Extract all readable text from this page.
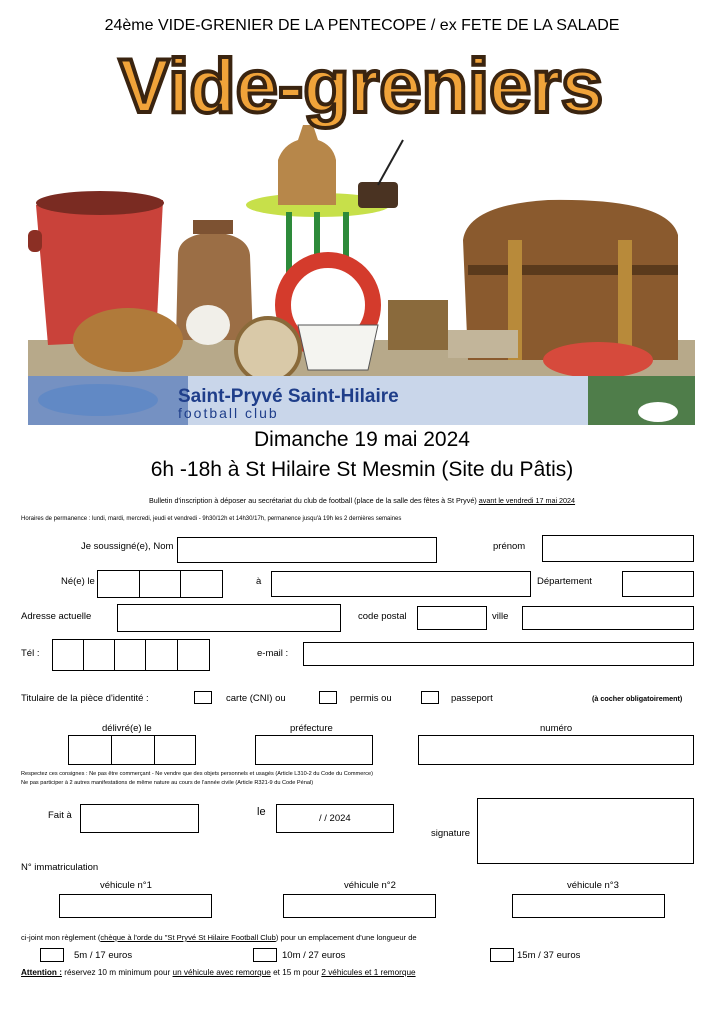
24ème VIDE-GRENIER DE LA PENTECOPE / ex FETE DE LA SALADE
Vide-greniers
Saint-Pryvé Saint-Hilaire
football club
Dimanche 19 mai 2024
6h -18h à St Hilaire St Mesmin (Site du Pâtis)
Bulletin d'inscription à déposer au secrétariat du club de football (place de la salle des fêtes à St Pryvé) avant le vendredi 17 mai 2024
Horaires de permanence : lundi, mardi, mercredi, jeudi et vendredi - 9h30/12h et 14h30/17h, permanence jusqu'à 19h les 2 dernières semaines
Je soussigné(e), Nom	prénom
Né(e) le	à	Département
Adresse actuelle	code postal	ville
Tél :	e-mail :
Titulaire de la pièce d'identité :	carte (CNI) ou	permis ou	passeport	(à cocher obligatoirement)
délivré(e) le	préfecture	numéro
Respectez ces consignes : Ne pas être commerçant - Ne vendre que des objets personnels et usagés (Article L310-2 du Code du Commerce)
Ne pas participer à 2 autres manifestations de même nature au cours de l'année civile (Article R321-9 du Code Pénal)
Fait à	le
/ / 2024
signature
N° immatriculation
véhicule n°1	véhicule n°2	véhicule n°3
ci-joint mon règlement (chèque à l'orde du "St Pryvé St Hilaire Football Club) pour un emplacement d'une longueur de
5m / 17 euros	10m / 27 euros	15m / 37 euros
Attention : réservez 10 m minimum pour un véhicule avec remorque et 15 m pour 2 véhicules et 1 remorque
